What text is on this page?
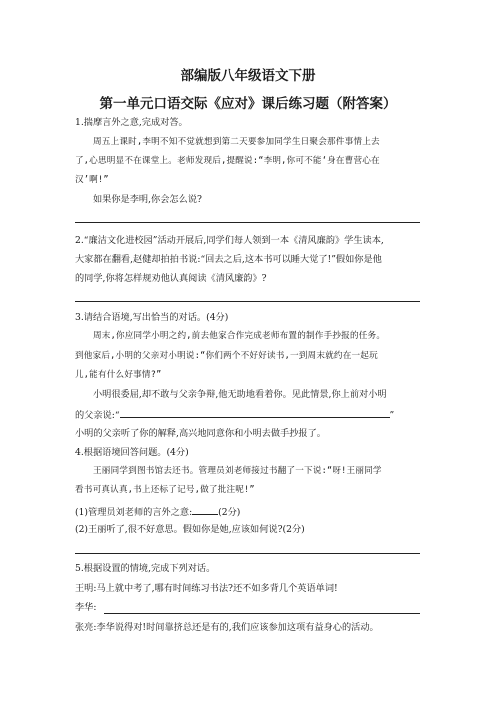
部编版八年级语文下册
第一单元口语交际《应对》课后练习题（附答案）
1.揣摩言外之意,完成对答。
周五上课时,李明不知不觉就想到第二天要参加同学生日聚会那件事情上去
了,心思明显不在课堂上。老师发现后,提醒说:“李明,你可不能‘身在曹营心在
汉’啊!”
如果你是李明,你会怎么说?
2.“廉洁文化进校园”活动开展后,同学们每人领到一本《清风廉韵》学生读本,
大家都在翻看,赵健却拍拍书说:“回去之后,这本书可以睡大觉了!”假如你是他
的同学,你将怎样规劝他认真阅读《清风廉韵》?
3.请结合语境,写出恰当的对话。(4分)
周末,你应同学小明之约,前去他家合作完成老师布置的制作手抄报的任务。
到他家后,小明的父亲对小明说:“你们两个不好好读书,一到周末就约在一起玩
儿,能有什么好事情?”
小明很委屈,却不敢与父亲争辩,他无助地看着你。见此情景,你上前对小明
的父亲说:“	”
小明的父亲听了你的解释,高兴地同意你和小明去做手抄报了。
4.根据语境回答问题。(4分)
王丽同学到图书馆去还书。管理员刘老师接过书翻了一下说:“呀!王丽同学
看书可真认真,书上还标了记号,做了批注呢!”
(1)管理员刘老师的言外之意:	(2分)
(2)王丽听了,很不好意思。假如你是她,应该如何说?(2分)
5.根据设置的情境,完成下列对话。
王明:马上就中考了,哪有时间练习书法?还不如多背几个英语单词!
李华:
张亮:李华说得对!时间靠挤总还是有的,我们应该参加这项有益身心的活动。
